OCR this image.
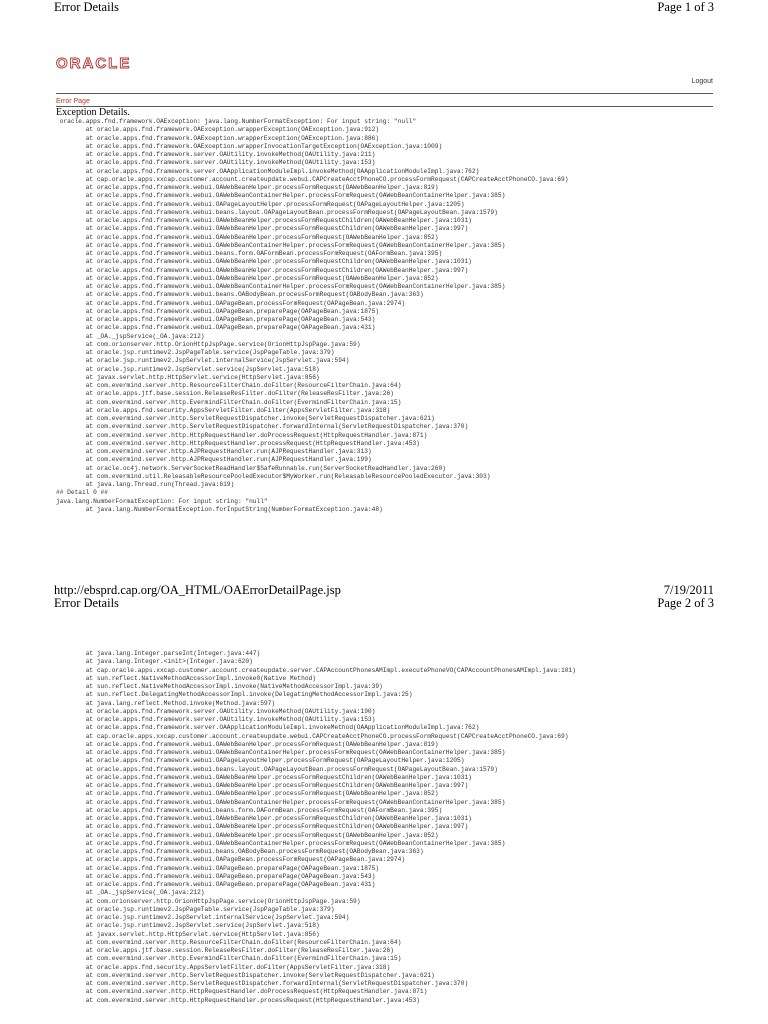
Error Details	Page 1 of 3
ORACLE
Logout
Error Page
Exception Details.
oracle.apps.fnd.framework.OAException: java.lang.NumberFormatException: For input string: "null"
at oracle.apps.fnd.framework.OAException.wrapperException(OAException.java:912)
at oracle.apps.fnd.framework.OAException.wrapperException(OAException.java:886)
at oracle.apps.fnd.framework.OAException.wrapperInvocationTargetException(OAException.java:1009)
at oracle.apps.fnd.framework.server.OAUtility.invokeMethod(OAUtility.java:211)
at oracle.apps.fnd.framework.server.OAUtility.invokeMethod(OAUtility.java:153)
at oracle.apps.fnd.framework.server.OAApplicationModuleImpl.invokeMethod(OAApplicationModuleImpl.java:762)
at cap.oracle.apps.xxcap.customer.account.createupdate.webui.CAPCreateAcctPhoneCO.processFormRequest(CAPCreateAcctPhoneCO.java:69)
at oracle.apps.fnd.framework.webui.OAWebBeanHelper.processFormRequest(OAWebBeanHelper.java:819)
at oracle.apps.fnd.framework.webui.OAWebBeanContainerHelper.processFormRequest(OAWebBeanContainerHelper.java:385)
at oracle.apps.fnd.framework.webui.OAPageLayoutHelper.processFormRequest(OAPageLayoutHelper.java:1205)
at oracle.apps.fnd.framework.webui.beans.layout.OAPageLayoutBean.processFormRequest(OAPageLayoutBean.java:1579)
at oracle.apps.fnd.framework.webui.OAWebBeanHelper.processFormRequestChildren(OAWebBeanHelper.java:1031)
at oracle.apps.fnd.framework.webui.OAWebBeanHelper.processFormRequestChildren(OAWebBeanHelper.java:997)
at oracle.apps.fnd.framework.webui.OAWebBeanHelper.processFormRequest(OAWebBeanHelper.java:852)
at oracle.apps.fnd.framework.webui.OAWebBeanContainerHelper.processFormRequest(OAWebBeanContainerHelper.java:385)
at oracle.apps.fnd.framework.webui.beans.form.OAFormBean.processFormRequest(OAFormBean.java:395)
at oracle.apps.fnd.framework.webui.OAWebBeanHelper.processFormRequestChildren(OAWebBeanHelper.java:1031)
at oracle.apps.fnd.framework.webui.OAWebBeanHelper.processFormRequestChildren(OAWebBeanHelper.java:997)
at oracle.apps.fnd.framework.webui.OAWebBeanHelper.processFormRequest(OAWebBeanHelper.java:852)
at oracle.apps.fnd.framework.webui.OAWebBeanContainerHelper.processFormRequest(OAWebBeanContainerHelper.java:385)
at oracle.apps.fnd.framework.webui.beans.OABodyBean.processFormRequest(OABodyBean.java:363)
at oracle.apps.fnd.framework.webui.OAPageBean.processFormRequest(OAPageBean.java:2974)
at oracle.apps.fnd.framework.webui.OAPageBean.preparePage(OAPageBean.java:1875)
at oracle.apps.fnd.framework.webui.OAPageBean.preparePage(OAPageBean.java:543)
at oracle.apps.fnd.framework.webui.OAPageBean.preparePage(OAPageBean.java:431)
at _OA._jspService(_OA.java:212)
at com.orionserver.http.OrionHttpJspPage.service(OrionHttpJspPage.java:59)
at oracle.jsp.runtimev2.JspPageTable.service(JspPageTable.java:379)
at oracle.jsp.runtimev2.JspServlet.internalService(JspServlet.java:594)
at oracle.jsp.runtimev2.JspServlet.service(JspServlet.java:518)
at javax.servlet.http.HttpServlet.service(HttpServlet.java:856)
at com.evermind.server.http.ResourceFilterChain.doFilter(ResourceFilterChain.java:64)
at oracle.apps.jtf.base.session.ReleaseResFilter.doFilter(ReleaseResFilter.java:26)
at com.evermind.server.http.EvermindFilterChain.doFilter(EvermindFilterChain.java:15)
at oracle.apps.fnd.security.AppsServletFilter.doFilter(AppsServletFilter.java:318)
at com.evermind.server.http.ServletRequestDispatcher.invoke(ServletRequestDispatcher.java:621)
at com.evermind.server.http.ServletRequestDispatcher.forwardInternal(ServletRequestDispatcher.java:370)
at com.evermind.server.http.HttpRequestHandler.doProcessRequest(HttpRequestHandler.java:871)
at com.evermind.server.http.HttpRequestHandler.processRequest(HttpRequestHandler.java:453)
at com.evermind.server.http.AJPRequestHandler.run(AJPRequestHandler.java:313)
at com.evermind.server.http.AJPRequestHandler.run(AJPRequestHandler.java:199)
at oracle.oc4j.network.ServerSocketReadHandler$SafeRunnable.run(ServerSocketReadHandler.java:260)
at com.evermind.util.ReleasableResourcePooledExecutor$MyWorker.run(ReleasableResourcePooledExecutor.java:303)
at java.lang.Thread.run(Thread.java:619)
## Detail 0 ##
java.lang.NumberFormatException: For input string: "null"
at java.lang.NumberFormatException.forInputString(NumberFormatException.java:48)

http://ebsprd.cap.org/OA_HTML/OAErrorDetailPage.jsp	7/19/2011
Error Details	Page 2 of 3
at java.lang.Integer.parseInt(Integer.java:447)
at java.lang.Integer.<init>(Integer.java:620)
at cap.oracle.apps.xxcap.customer.account.createupdate.server.CAPAccountPhonesAMImpl.executePhoneVO(CAPAccountPhonesAMImpl.java:101)
at sun.reflect.NativeMethodAccessorImpl.invoke0(Native Method)
at sun.reflect.NativeMethodAccessorImpl.invoke(NativeMethodAccessorImpl.java:39)
at sun.reflect.DelegatingMethodAccessorImpl.invoke(DelegatingMethodAccessorImpl.java:25)
at java.lang.reflect.Method.invoke(Method.java:597)
at oracle.apps.fnd.framework.server.OAUtility.invokeMethod(OAUtility.java:190)
at oracle.apps.fnd.framework.server.OAUtility.invokeMethod(OAUtility.java:153)
at oracle.apps.fnd.framework.server.OAApplicationModuleImpl.invokeMethod(OAApplicationModuleImpl.java:762)
at cap.oracle.apps.xxcap.customer.account.createupdate.webui.CAPCreateAcctPhoneCO.processFormRequest(CAPCreateAcctPhoneCO.java:69)
at oracle.apps.fnd.framework.webui.OAWebBeanHelper.processFormRequest(OAWebBeanHelper.java:819)
at oracle.apps.fnd.framework.webui.OAWebBeanContainerHelper.processFormRequest(OAWebBeanContainerHelper.java:385)
at oracle.apps.fnd.framework.webui.OAPageLayoutHelper.processFormRequest(OAPageLayoutHelper.java:1205)
at oracle.apps.fnd.framework.webui.beans.layout.OAPageLayoutBean.processFormRequest(OAPageLayoutBean.java:1579)
at oracle.apps.fnd.framework.webui.OAWebBeanHelper.processFormRequestChildren(OAWebBeanHelper.java:1031)
at oracle.apps.fnd.framework.webui.OAWebBeanHelper.processFormRequestChildren(OAWebBeanHelper.java:997)
at oracle.apps.fnd.framework.webui.OAWebBeanHelper.processFormRequest(OAWebBeanHelper.java:852)
at oracle.apps.fnd.framework.webui.OAWebBeanContainerHelper.processFormRequest(OAWebBeanContainerHelper.java:385)
at oracle.apps.fnd.framework.webui.beans.form.OAFormBean.processFormRequest(OAFormBean.java:395)
at oracle.apps.fnd.framework.webui.OAWebBeanHelper.processFormRequestChildren(OAWebBeanHelper.java:1031)
at oracle.apps.fnd.framework.webui.OAWebBeanHelper.processFormRequestChildren(OAWebBeanHelper.java:997)
at oracle.apps.fnd.framework.webui.OAWebBeanHelper.processFormRequest(OAWebBeanHelper.java:852)
at oracle.apps.fnd.framework.webui.OAWebBeanContainerHelper.processFormRequest(OAWebBeanContainerHelper.java:385)
at oracle.apps.fnd.framework.webui.beans.OABodyBean.processFormRequest(OABodyBean.java:363)
at oracle.apps.fnd.framework.webui.OAPageBean.processFormRequest(OAPageBean.java:2974)
at oracle.apps.fnd.framework.webui.OAPageBean.preparePage(OAPageBean.java:1875)
at oracle.apps.fnd.framework.webui.OAPageBean.preparePage(OAPageBean.java:543)
at oracle.apps.fnd.framework.webui.OAPageBean.preparePage(OAPageBean.java:431)
at _OA._jspService(_OA.java:212)
at com.orionserver.http.OrionHttpJspPage.service(OrionHttpJspPage.java:59)
at oracle.jsp.runtimev2.JspPageTable.service(JspPageTable.java:379)
at oracle.jsp.runtimev2.JspServlet.internalService(JspServlet.java:594)
at oracle.jsp.runtimev2.JspServlet.service(JspServlet.java:518)
at javax.servlet.http.HttpServlet.service(HttpServlet.java:856)
at com.evermind.server.http.ResourceFilterChain.doFilter(ResourceFilterChain.java:64)
at oracle.apps.jtf.base.session.ReleaseResFilter.doFilter(ReleaseResFilter.java:26)
at com.evermind.server.http.EvermindFilterChain.doFilter(EvermindFilterChain.java:15)
at oracle.apps.fnd.security.AppsServletFilter.doFilter(AppsServletFilter.java:318)
at com.evermind.server.http.ServletRequestDispatcher.invoke(ServletRequestDispatcher.java:621)
at com.evermind.server.http.ServletRequestDispatcher.forwardInternal(ServletRequestDispatcher.java:370)
at com.evermind.server.http.HttpRequestHandler.doProcessRequest(HttpRequestHandler.java:871)
at com.evermind.server.http.HttpRequestHandler.processRequest(HttpRequestHandler.java:453)
